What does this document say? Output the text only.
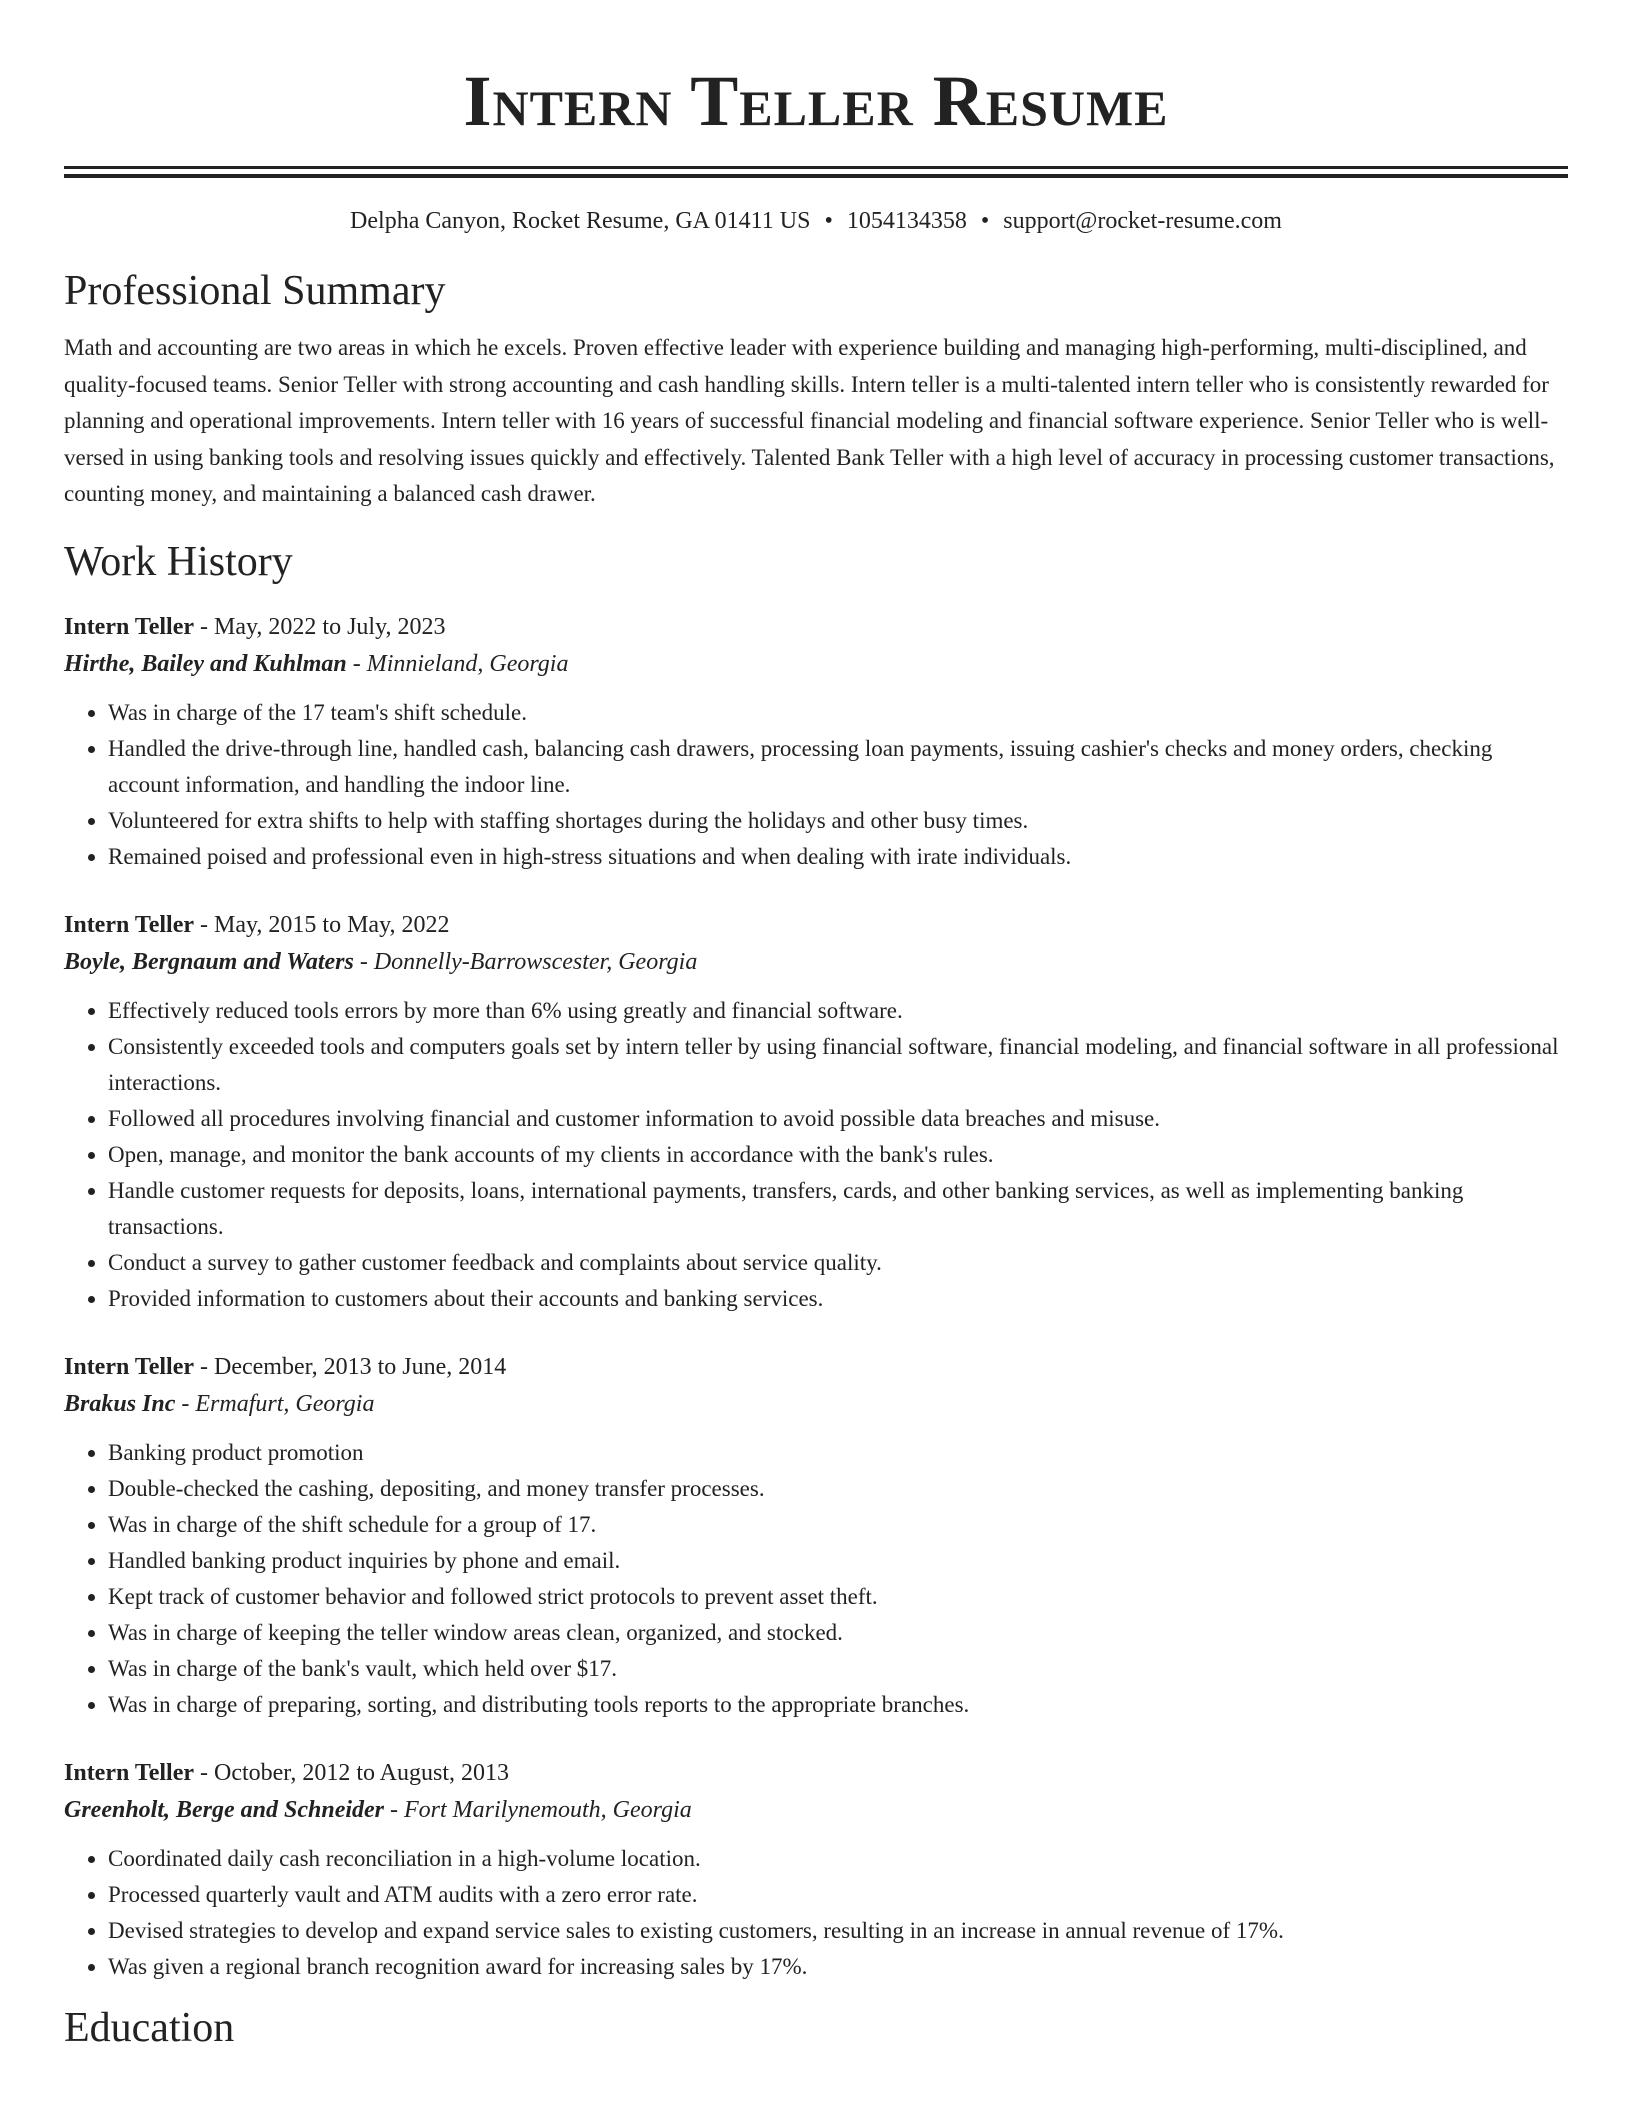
Intern Teller Resume
Delpha Canyon, Rocket Resume, GA 01411 US • 1054134358 • support@rocket-resume.com
Professional Summary
Math and accounting are two areas in which he excels. Proven effective leader with experience building and managing high-performing, multi-disciplined, and quality-focused teams. Senior Teller with strong accounting and cash handling skills. Intern teller is a multi-talented intern teller who is consistently rewarded for planning and operational improvements. Intern teller with 16 years of successful financial modeling and financial software experience. Senior Teller who is well-versed in using banking tools and resolving issues quickly and effectively. Talented Bank Teller with a high level of accuracy in processing customer transactions, counting money, and maintaining a balanced cash drawer.
Work History
Intern Teller - May, 2022 to July, 2023
Hirthe, Bailey and Kuhlman - Minnieland, Georgia
• Was in charge of the 17 team's shift schedule.
• Handled the drive-through line, handled cash, balancing cash drawers, processing loan payments, issuing cashier's checks and money orders, checking account information, and handling the indoor line.
• Volunteered for extra shifts to help with staffing shortages during the holidays and other busy times.
• Remained poised and professional even in high-stress situations and when dealing with irate individuals.
Intern Teller - May, 2015 to May, 2022
Boyle, Bergnaum and Waters - Donnelly-Barrowscester, Georgia
• Effectively reduced tools errors by more than 6% using greatly and financial software.
• Consistently exceeded tools and computers goals set by intern teller by using financial software, financial modeling, and financial software in all professional interactions.
• Followed all procedures involving financial and customer information to avoid possible data breaches and misuse.
• Open, manage, and monitor the bank accounts of my clients in accordance with the bank's rules.
• Handle customer requests for deposits, loans, international payments, transfers, cards, and other banking services, as well as implementing banking transactions.
• Conduct a survey to gather customer feedback and complaints about service quality.
• Provided information to customers about their accounts and banking services.
Intern Teller - December, 2013 to June, 2014
Brakus Inc - Ermafurt, Georgia
• Banking product promotion
• Double-checked the cashing, depositing, and money transfer processes.
• Was in charge of the shift schedule for a group of 17.
• Handled banking product inquiries by phone and email.
• Kept track of customer behavior and followed strict protocols to prevent asset theft.
• Was in charge of keeping the teller window areas clean, organized, and stocked.
• Was in charge of the bank's vault, which held over $17.
• Was in charge of preparing, sorting, and distributing tools reports to the appropriate branches.
Intern Teller - October, 2012 to August, 2013
Greenholt, Berge and Schneider - Fort Marilynemouth, Georgia
• Coordinated daily cash reconciliation in a high-volume location.
• Processed quarterly vault and ATM audits with a zero error rate.
• Devised strategies to develop and expand service sales to existing customers, resulting in an increase in annual revenue of 17%.
• Was given a regional branch recognition award for increasing sales by 17%.
Education
